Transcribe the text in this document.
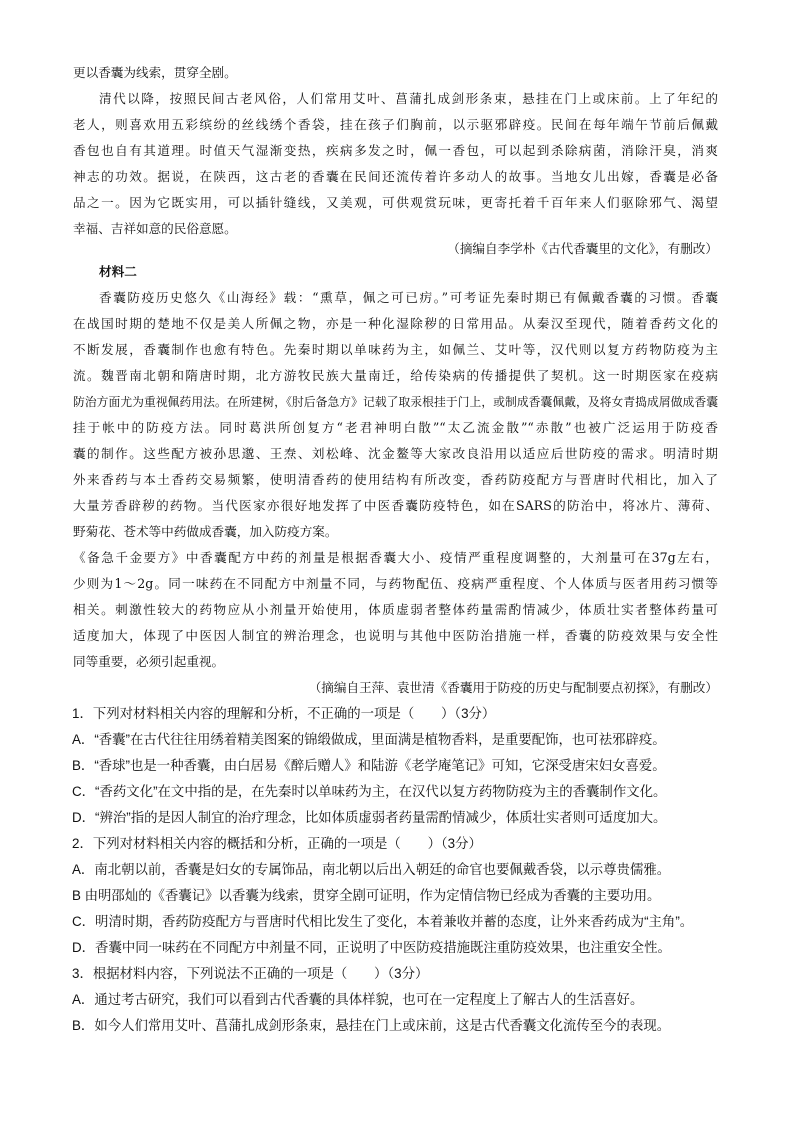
更以香囊为线索，贯穿全剧。
清代以降，按照民间古老风俗，人们常用艾叶、菖蒲扎成剑形条束，悬挂在门上或床前。上了年纪的
老人，则喜欢用五彩缤纷的丝线绣个香袋，挂在孩子们胸前，以示驱邪辟疫。民间在每年端午节前后佩戴
香包也自有其道理。时值天气湿渐变热，疾病多发之时，佩一香包，可以起到杀除病菌，消除汗臭，消爽
神志的功效。据说，在陕西，这古老的香囊在民间还流传着许多动人的故事。当地女儿出嫁，香囊是必备
品之一。因为它既实用，可以插针缝线，又美观，可供观赏玩味，更寄托着千百年来人们驱除邪气、渴望
幸福、吉祥如意的民俗意愿。
（摘编自李学朴《古代香囊里的文化》，有删改）
材料二
香囊防疫历史悠久《山海经》载：“熏草，佩之可已疠。”可考证先秦时期已有佩戴香囊的习惯。香囊
在战国时期的楚地不仅是美人所佩之物，亦是一种化湿除秽的日常用品。从秦汉至现代，随着香药文化的
不断发展，香囊制作也愈有特色。先秦时期以单味药为主，如佩兰、艾叶等，汉代则以复方药物防疫为主
流。魏晋南北朝和隋唐时期，北方游牧民族大量南迁，给传染病的传播提供了契机。这一时期医家在疫病
防治方面尤为重视佩药用法。在所建树，《肘后备急方》记载了取汞根挂于门上，或制成香囊佩戴，及将女青捣成屑做成香囊
挂于帐中的防疫方法。同时葛洪所创复方“老君神明白散”“太乙流金散”“赤散”也被广泛运用于防疫香
囊的制作。这些配方被孙思邈、王焘、刘松峰、沈金鳌等大家改良沿用以适应后世防疫的需求。明清时期
外来香药与本土香药交易频繁，使明清香药的使用结构有所改变，香药防疫配方与晋唐时代相比，加入了
大量芳香辟秽的药物。当代医家亦很好地发挥了中医香囊防疫特色，如在SARS的防治中，将冰片、薄荷、
野菊花、苍术等中药做成香囊，加入防疫方案。
《备急千金要方》中香囊配方中药的剂量是根据香囊大小、疫情严重程度调整的，大剂量可在37g左右，
少则为1～2g。同一味药在不同配方中剂量不同，与药物配伍、疫病严重程度、个人体质与医者用药习惯等
相关。刺激性较大的药物应从小剂量开始使用，体质虚弱者整体药量需酌情减少，体质壮实者整体药量可
适度加大，体现了中医因人制宜的辨治理念，也说明与其他中医防治措施一样，香囊的防疫效果与安全性
同等重要，必须引起重视。
（摘编自王萍、袁世清《香囊用于防疫的历史与配制要点初探》，有删改）
1．下列对材料相关内容的理解和分析，不正确的一项是（　　）（3分）
A．“香囊”在古代往往用绣着精美图案的锦缎做成，里面满是植物香料，是重要配饰，也可祛邪辟疫。
B．“香球”也是一种香囊，由白居易《醉后赠人》和陆游《老学庵笔记》可知，它深受唐宋妇女喜爱。
C．“香药文化”在文中指的是，在先秦时以单味药为主，在汉代以复方药物防疫为主的香囊制作文化。
D．“辨治”指的是因人制宜的治疗理念，比如体质虚弱者药量需酌情减少，体质壮实者则可适度加大。
2．下列对材料相关内容的概括和分析，正确的一项是（　　）（3分）
A．南北朝以前，香囊是妇女的专属饰品，南北朝以后出入朝廷的命官也要佩戴香袋，以示尊贵儒雅。
B 由明邵灿的《香囊记》以香囊为线索，贯穿全剧可证明，作为定情信物已经成为香囊的主要功用。
C．明清时期，香药防疫配方与晋唐时代相比发生了变化，本着兼收并蓄的态度，让外来香药成为“主角”。
D．香囊中同一味药在不同配方中剂量不同，正说明了中医防疫措施既注重防疫效果，也注重安全性。
3．根据材料内容，下列说法不正确的一项是（　　）（3分）
A．通过考古研究，我们可以看到古代香囊的具体样貌，也可在一定程度上了解古人的生活喜好。
B．如今人们常用艾叶、菖蒲扎成剑形条束，悬挂在门上或床前，这是古代香囊文化流传至今的表现。
